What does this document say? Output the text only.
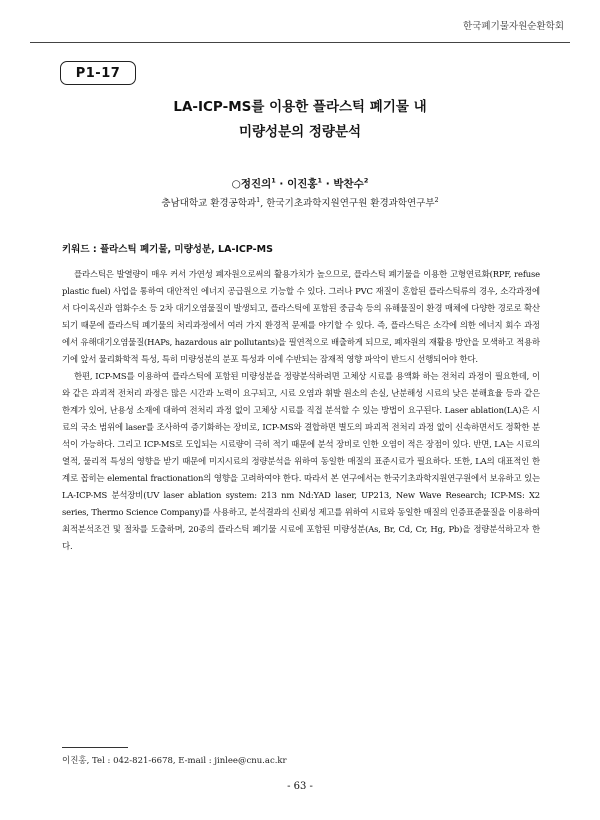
한국폐기물자원순환학회
P1-17
LA-ICP-MS를 이용한 플라스틱 폐기물 내
미량성분의 정량분석
○정진의$^1$ · 이진홍$^1$ · 박찬수$^2$
충남대학교 환경공학과$^1$, 한국기초과학지원연구원 환경과학연구부$^2$
키워드 : 플라스틱 폐기물, 미량성분, LA-ICP-MS

플라스틱은 발열량이 매우 커서 가연성 폐자원으로써의 활용가치가 높으므로, 플라스틱 폐기물을 이용한 고형연료화(RPF, refuse plastic fuel) 사업을 통하여 대안적인 에너지 공급원으로 기능할 수 있다. 그러나 PVC 재질이 혼합된 플라스틱류의 경우, 소각과정에서 다이옥신과 염화수소 등 2차 대기오염물질이 발생되고, 플라스틱에 포함된 중금속 등의 유해물질이 환경 매체에 다양한 경로로 확산되기 때문에 플라스틱 폐기물의 처리과정에서 여러 가지 환경적 문제를 야기할 수 있다. 즉, 플라스틱은 소각에 의한 에너지 회수 과정에서 유해대기오염물질(HAPs, hazardous air pollutants)을 필연적으로 배출하게 되므로, 폐자원의 재활용 방안을 모색하고 적용하기에 앞서 물리화학적 특성, 특히 미량성분의 분포 특성과 이에 수반되는 잠재적 영향 파악이 반드시 선행되어야 한다.

한편, ICP-MS를 이용하여 플라스틱에 포함된 미량성분을 정량분석하려면 고체상 시료를 용액화 하는 전처리 과정이 필요한데, 이와 같은 과괴적 전처리 과정은 많은 시간과 노력이 요구되고, 시료 오염과 휘발 원소의 손실, 난분해성 시료의 낮은 분해효율 등과 같은 한계가 있어, 난용성 소재에 대하여 전처리 과정 없이 고체상 시료를 직접 분석할 수 있는 방법이 요구된다. Laser ablation(LA)은 시료의 국소 범위에 laser를 조사하여 증기화하는 장비로, ICP-MS와 결합하면 별도의 파괴적 전처리 과정 없이 신속하면서도 정확한 분석이 가능하다. 그리고 ICP-MS로 도입되는 시료량이 극히 적기 때문에 분석 장비로 인한 오염이 적은 장점이 있다. 반면, LA는 시료의 열적, 물리적 특성의 영향을 받기 때문에 미지시료의 정량분석을 위하여 동일한 매질의 표준시료가 필요하다. 또한, LA의 대표적인 한계로 꼽히는 elemental fractionation의 영향을 고려하여야 한다. 따라서 본 연구에서는 한국기초과학지원연구원에서 보유하고 있는 LA-ICP-MS 분석장비(UV laser ablation system: 213 nm Nd:YAD laser, UP213, New Wave Research; ICP-MS: X2 series, Thermo Science Company)를 사용하고, 분석결과의 신뢰성 제고를 위하여 시료와 동일한 매질의 인증표준물질을 이용하여 최적분석조건 및 절차를 도출하며, 20종의 플라스틱 폐기물 시료에 포함된 미량성분(As, Br, Cd, Cr, Hg, Pb)을 정량분석하고자 한다.

이진홍, Tel : 042-821-6678, E-mail : jinlee@cnu.ac.kr
- 63 -
